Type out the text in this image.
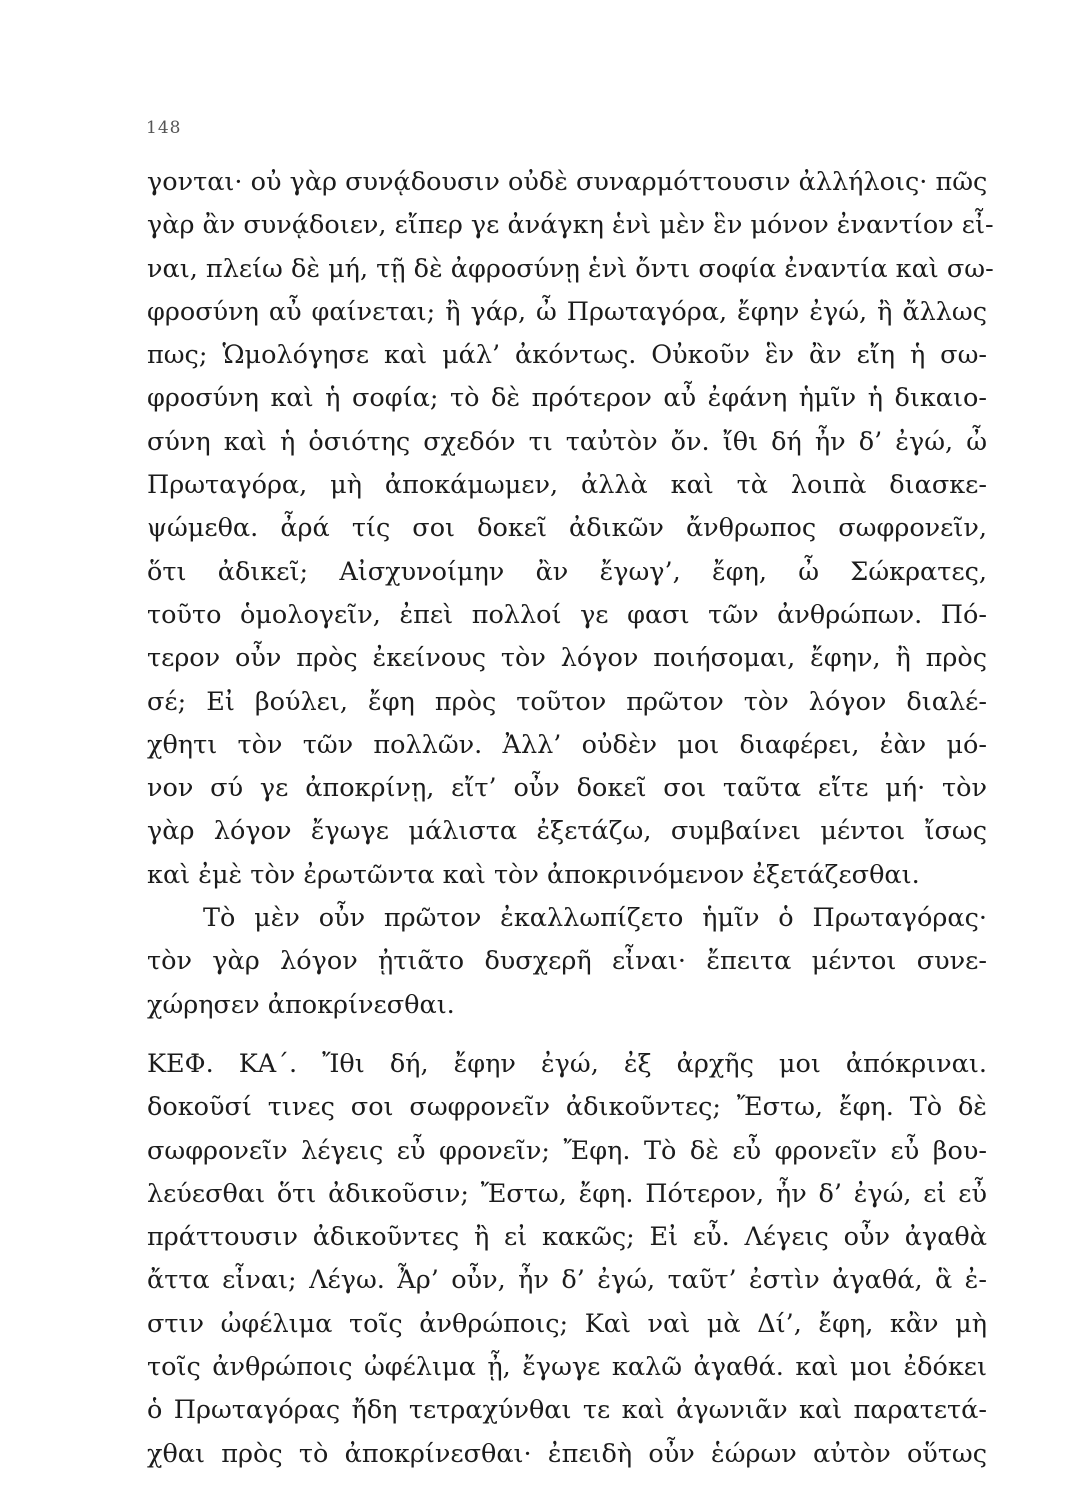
148
γονται· οὐ γὰρ συνᾴδουσιν οὐδὲ συναρμόττουσιν ἀλλήλοις· πῶς
γὰρ ἂν συνᾴδοιεν, εἴπερ γε ἀνάγκη ἑνὶ μὲν ἓν μόνον ἐναντίον εἶ-
ναι, πλείω δὲ μή, τῇ δὲ ἀφροσύνῃ ἑνὶ ὄντι σοφία ἐναντία καὶ σω-
φροσύνη αὖ φαίνεται; ἢ γάρ, ὦ Πρωταγόρα, ἔφην ἐγώ, ἢ ἄλλως
πως; Ὡμολόγησε καὶ μάλ’ ἀκόντως. Οὐκοῦν ἓν ἂν εἴη ἡ σω-
φροσύνη καὶ ἡ σοφία; τὸ δὲ πρότερον αὖ ἐφάνη ἡμῖν ἡ δικαιο-
σύνη καὶ ἡ ὁσιότης σχεδόν τι ταὐτὸν ὄν. ἴθι δή ἦν δ’ ἐγώ, ὦ
Πρωταγόρα, μὴ ἀποκάμωμεν, ἀλλὰ καὶ τὰ λοιπὰ διασκε-
ψώμεθα. ἆρά τίς σοι δοκεῖ ἀδικῶν ἄνθρωπος σωφρονεῖν,
ὅτι ἀδικεῖ; Αἰσχυνοίμην ἂν ἔγωγ’, ἔφη, ὦ Σώκρατες,
τοῦτο ὁμολογεῖν, ἐπεὶ πολλοί γε φασι τῶν ἀνθρώπων. Πό-
τερον οὖν πρὸς ἐκείνους τὸν λόγον ποιήσομαι, ἔφην, ἢ πρὸς
σέ; Εἰ βούλει, ἔφη πρὸς τοῦτον πρῶτον τὸν λόγον διαλέ-
χθητι τὸν τῶν πολλῶν. Ἀλλ’ οὐδὲν μοι διαφέρει, ἐὰν μό-
νον σύ γε ἀποκρίνῃ, εἴτ’ οὖν δοκεῖ σοι ταῦτα εἴτε μή· τὸν
γὰρ λόγον ἔγωγε μάλιστα ἐξετάζω, συμβαίνει μέντοι ἴσως
καὶ ἐμὲ τὸν ἐρωτῶντα καὶ τὸν ἀποκρινόμενον ἐξετάζεσθαι.
Τὸ μὲν οὖν πρῶτον ἐκαλλωπίζετο ἡμῖν ὁ Πρωταγόρας·
τὸν γὰρ λόγον ᾐτιᾶτο δυσχερῆ εἶναι· ἔπειτα μέντοι συνε-
χώρησεν ἀποκρίνεσθαι.
ΚΕΦ. ΚΑ΄. Ἴθι δή, ἔφην ἐγώ, ἐξ ἀρχῆς μοι ἀπόκριναι.
δοκοῦσί τινες σοι σωφρονεῖν ἀδικοῦντες; Ἔστω, ἔφη. Τὸ δὲ
σωφρονεῖν λέγεις εὖ φρονεῖν; Ἔφη. Τὸ δὲ εὖ φρονεῖν εὖ βου-
λεύεσθαι ὅτι ἀδικοῦσιν; Ἔστω, ἔφη. Πότερον, ἦν δ’ ἐγώ, εἰ εὖ
πράττουσιν ἀδικοῦντες ἢ εἰ κακῶς; Εἰ εὖ. Λέγεις οὖν ἀγαθὰ
ἄττα εἶναι; Λέγω. Ἆρ’ οὖν, ἦν δ’ ἐγώ, ταῦτ’ ἐστὶν ἀγαθά, ἃ ἐ-
στιν ὠφέλιμα τοῖς ἀνθρώποις; Καὶ ναὶ μὰ Δί’, ἔφη, κἂν μὴ
τοῖς ἀνθρώποις ὠφέλιμα ᾖ, ἔγωγε καλῶ ἀγαθά. καὶ μοι ἐδόκει
ὁ Πρωταγόρας ἤδη τετραχύνθαι τε καὶ ἀγωνιᾶν καὶ παρατετά-
χθαι πρὸς τὸ ἀποκρίνεσθαι· ἐπειδὴ οὖν ἑώρων αὐτὸν οὕτως
